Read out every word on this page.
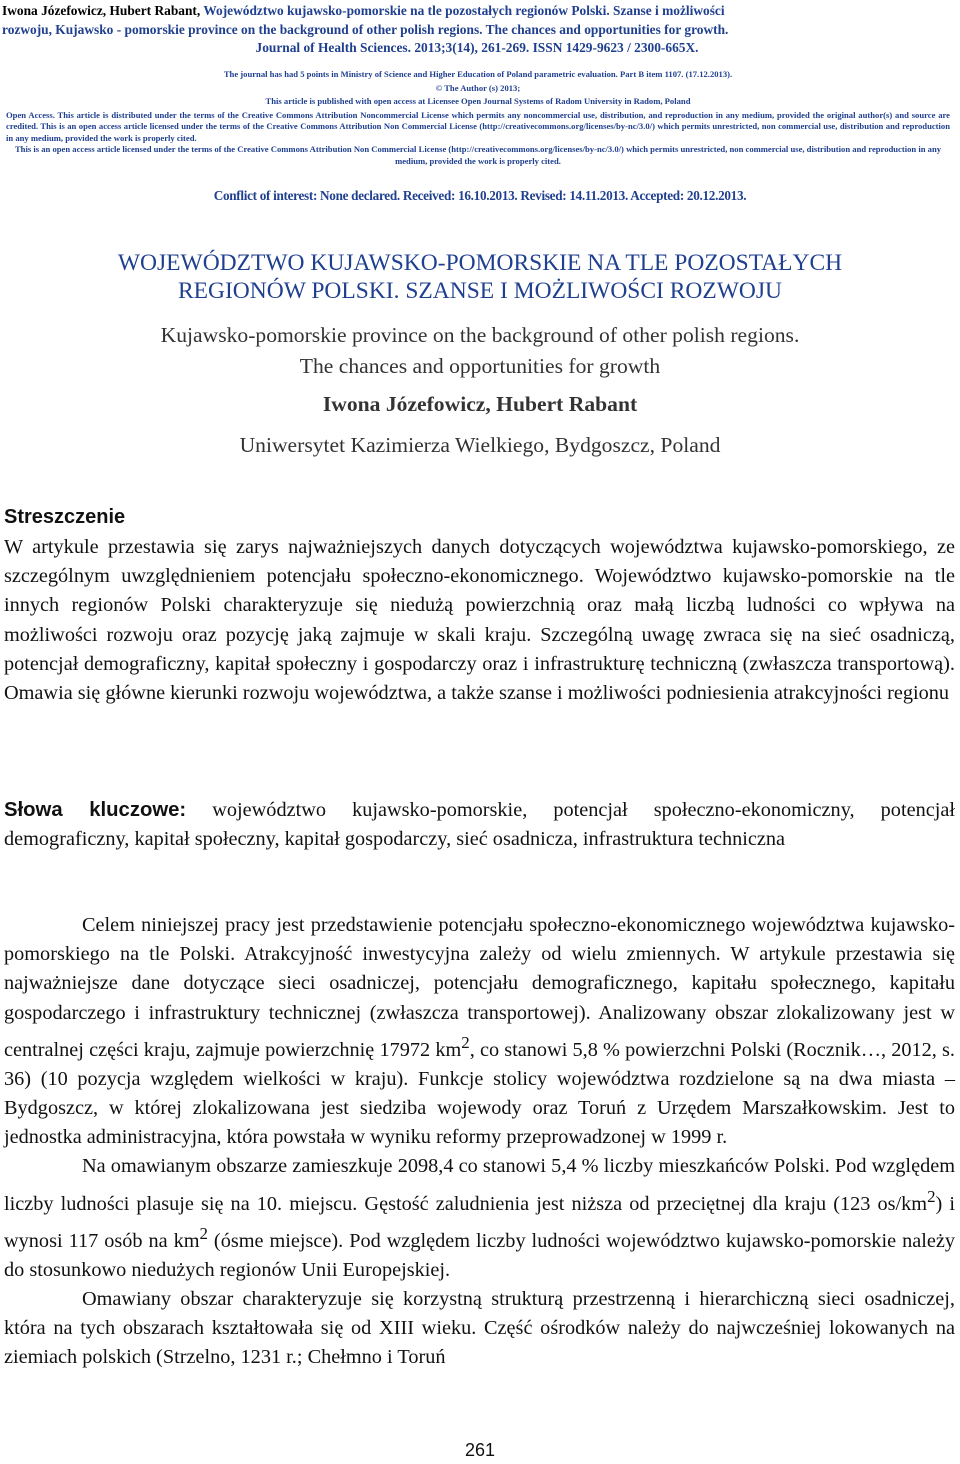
Iwona Józefowicz, Hubert Rabant, Województwo kujawsko-pomorskie na tle pozostałych regionów Polski. Szanse i możliwości
rozwoju, Kujawsko - pomorskie province on the background of other polish regions. The chances and opportunities for growth.
Journal of Health Sciences. 2013;3(14), 261-269. ISSN 1429-9623 / 2300-665X.
The journal has had 5 points in Ministry of Science and Higher Education of Poland parametric evaluation. Part B item 1107. (17.12.2013).
© The Author (s) 2013;
This article is published with open access at Licensee Open Journal Systems of Radom University in Radom, Poland
Open Access. This article is distributed under the terms of the Creative Commons Attribution Noncommercial License which permits any noncommercial use, distribution, and reproduction in any medium, provided the original author(s) and source are credited. This is an open access article licensed under the terms of the Creative Commons Attribution Non Commercial License (http://creativecommons.org/licenses/by-nc/3.0/) which permits unrestricted, non commercial use, distribution and reproduction in any medium, provided the work is properly cited.
This is an open access article licensed under the terms of the Creative Commons Attribution Non Commercial License (http://creativecommons.org/licenses/by-nc/3.0/) which permits unrestricted, non commercial use, distribution and reproduction in any medium, provided the work is properly cited.
Conflict of interest: None declared. Received: 16.10.2013. Revised: 14.11.2013. Accepted: 20.12.2013.
WOJEWÓDZTWO KUJAWSKO-POMORSKIE NA TLE POZOSTAŁYCH
REGIONÓW POLSKI. SZANSE I MOŻLIWOŚCI ROZWOJU
Kujawsko-pomorskie province on the background of other polish regions.
The chances and opportunities for growth
Iwona Józefowicz, Hubert Rabant
Uniwersytet Kazimierza Wielkiego, Bydgoszcz, Poland
Streszczenie

W artykule przestawia się zarys najważniejszych danych dotyczących województwa kujawsko-pomorskiego, ze szczególnym uwzględnieniem potencjału społeczno-ekonomicznego. Województwo kujawsko-pomorskie na tle innych regionów Polski charakteryzuje się niedużą powierzchnią oraz małą liczbą ludności co wpływa na możliwości rozwoju oraz pozycję jaką zajmuje w skali kraju. Szczególną uwagę zwraca się na sieć osadniczą, potencjał demograficzny, kapitał społeczny i gospodarczy oraz i infrastrukturę techniczną (zwłaszcza transportową). Omawia się główne kierunki rozwoju województwa, a także szanse i możliwości podniesienia atrakcyjności regionu

Słowa kluczowe: województwo kujawsko-pomorskie, potencjał społeczno-ekonomiczny, potencjał demograficzny, kapitał społeczny, kapitał gospodarczy, sieć osadnicza, infrastruktura techniczna

Celem niniejszej pracy jest przedstawienie potencjału społeczno-ekonomicznego województwa kujawsko-pomorskiego na tle Polski. Atrakcyjność inwestycyjna zależy od wielu zmiennych. W artykule przestawia się najważniejsze dane dotyczące sieci osadniczej, potencjału demograficznego, kapitału społecznego, kapitału gospodarczego i infrastruktury technicznej (zwłaszcza transportowej). Analizowany obszar zlokalizowany jest w centralnej części kraju, zajmuje powierzchnię 17972 $km^2$, co stanowi 5,8 % powierzchni Polski (Rocznik…, 2012, s. 36) (10 pozycja względem wielkości w kraju). Funkcje stolicy województwa rozdzielone są na dwa miasta – Bydgoszcz, w której zlokalizowana jest siedziba wojewody oraz Toruń z Urzędem Marszałkowskim. Jest to jednostka administracyjna, która powstała w wyniku reformy przeprowadzonej w 1999 r.

Na omawianym obszarze zamieszkuje 2098,4 co stanowi 5,4 % liczby mieszkańców Polski. Pod względem liczby ludności plasuje się na 10. miejscu. Gęstość zaludnienia jest niższa od przeciętnej dla kraju (123 $os/km^2$) i wynosi 117 osób na $km^2$ (ósme miejsce). Pod względem liczby ludności województwo kujawsko-pomorskie należy do stosunkowo niedużych regionów Unii Europejskiej.

Omawiany obszar charakteryzuje się korzystną strukturą przestrzenną i hierarchiczną sieci osadniczej, która na tych obszarach kształtowała się od XIII wieku. Część ośrodków należy do najwcześniej lokowanych na ziemiach polskich (Strzelno, 1231 r.; Chełmno i Toruń

261
